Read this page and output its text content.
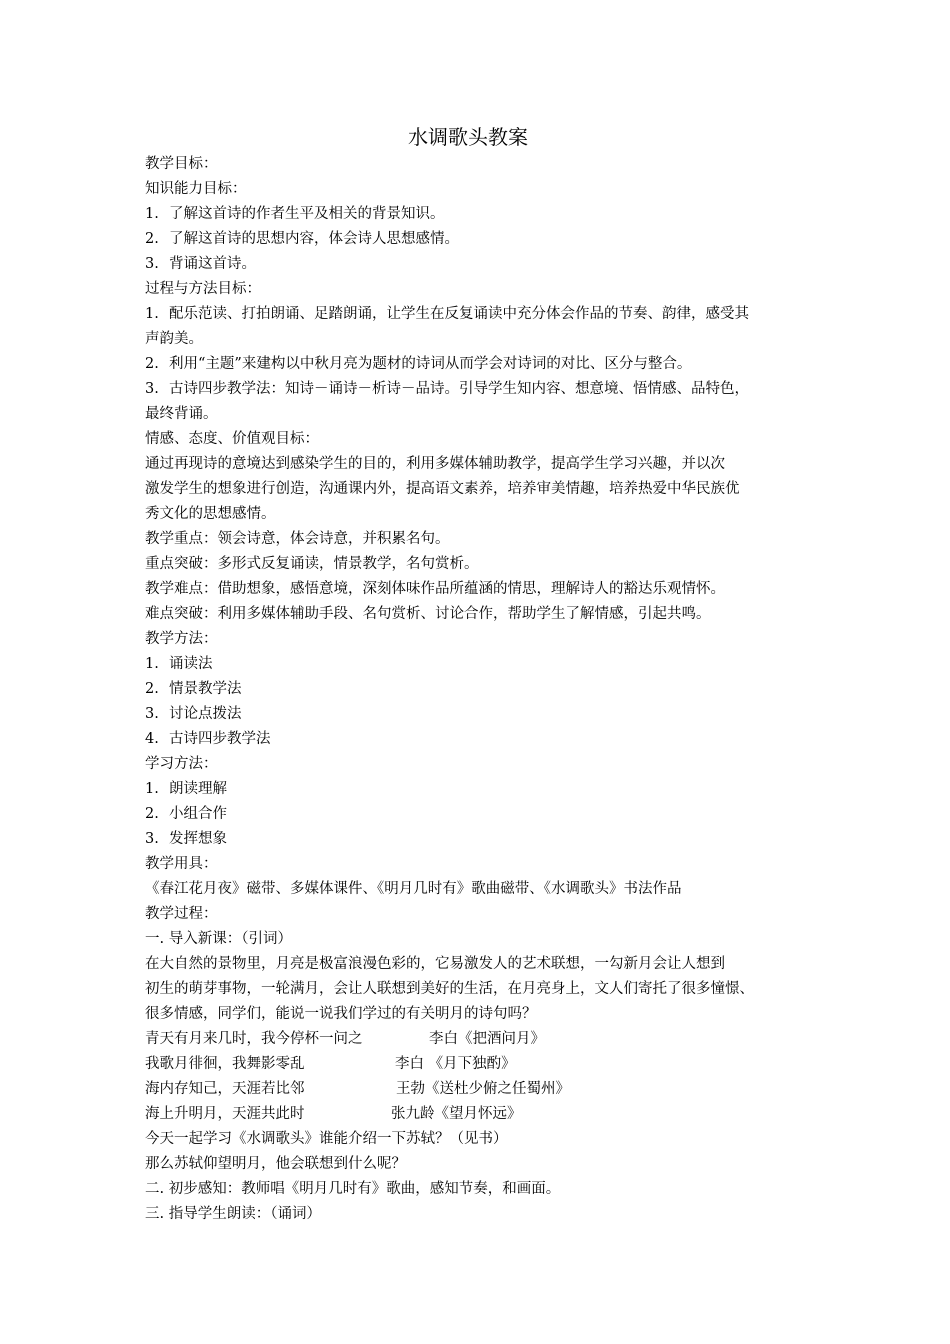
水调歌头教案
教学目标：
知识能力目标：
1. 了解这首诗的作者生平及相关的背景知识。
2. 了解这首诗的思想内容，体会诗人思想感情。
3. 背诵这首诗。
过程与方法目标：
1. 配乐范读、打拍朗诵、足踏朗诵，让学生在反复诵读中充分体会作品的节奏、韵律，感受其
声韵美。
2. 利用“主题”来建构以中秋月亮为题材的诗词从而学会对诗词的对比、区分与整合。
3. 古诗四步教学法：知诗－诵诗－析诗－品诗。引导学生知内容、想意境、悟情感、品特色，
最终背诵。
情感、态度、价值观目标：
通过再现诗的意境达到感染学生的目的，利用多媒体辅助教学，提高学生学习兴趣，并以次
激发学生的想象进行创造，沟通课内外，提高语文素养，培养审美情趣，培养热爱中华民族优
秀文化的思想感情。
教学重点：领会诗意，体会诗意，并积累名句。
重点突破：多形式反复诵读，情景教学，名句赏析。
教学难点：借助想象，感悟意境，深刻体味作品所蕴涵的情思，理解诗人的豁达乐观情怀。
难点突破：利用多媒体辅助手段、名句赏析、讨论合作，帮助学生了解情感，引起共鸣。
教学方法：
1. 诵读法
2. 情景教学法
3. 讨论点拨法
4. 古诗四步教学法
学习方法：
1. 朗读理解
2. 小组合作
3. 发挥想象
教学用具：
《春江花月夜》磁带、多媒体课件、《明月几时有》歌曲磁带、《水调歌头》书法作品
教学过程：
一. 导入新课：（引词）
在大自然的景物里，月亮是极富浪漫色彩的，它易激发人的艺术联想，一勾新月会让人想到
初生的萌芽事物，一轮满月，会让人联想到美好的生活，在月亮身上，文人们寄托了很多憧憬、
很多情感，同学们，能说一说我们学过的有关明月的诗句吗？
青天有月来几时，我今停杯一问之	李白《把酒问月》
我歌月徘徊，我舞影零乱	李白 《月下独酌》
海内存知己，天涯若比邻	王勃《送杜少俯之任蜀州》
海上升明月，天涯共此时	张九龄《望月怀远》
今天一起学习《水调歌头》谁能介绍一下苏轼？（见书）
那么苏轼仰望明月，他会联想到什么呢？
二. 初步感知：教师唱《明月几时有》歌曲，感知节奏，和画面。
三. 指导学生朗读：（诵词）
